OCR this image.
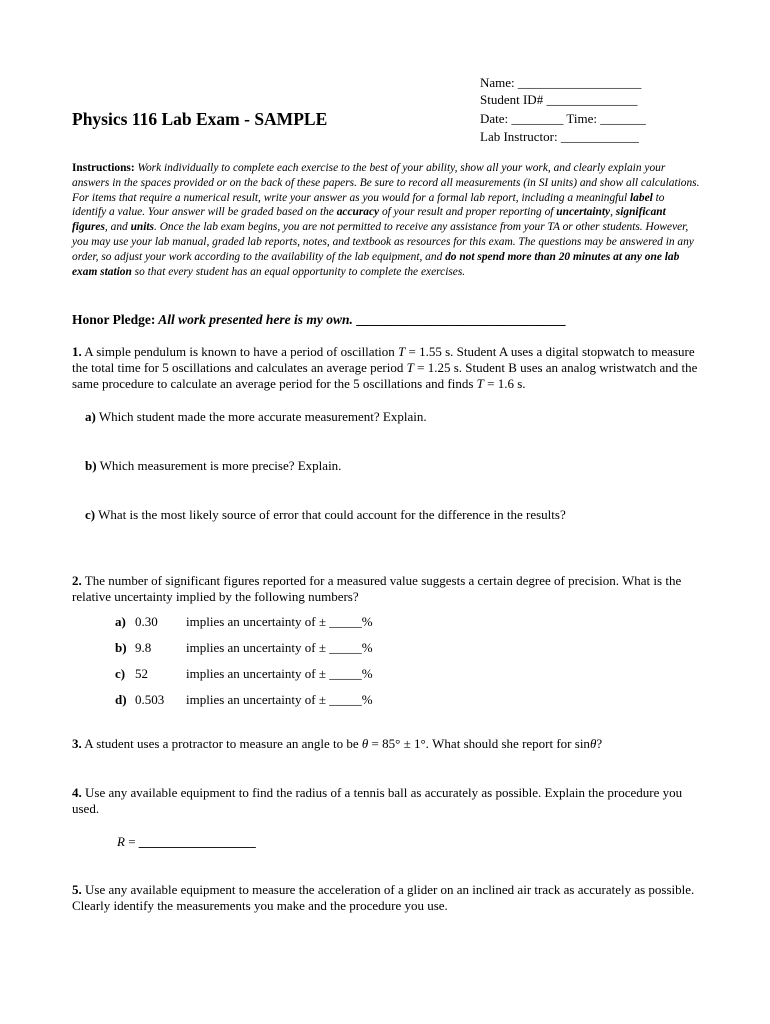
Name: ___________________
Student ID# ______________
Physics 116 Lab Exam - SAMPLE	Date: ________ Time: _______
Lab Instructor: ____________
Instructions: Work individually to complete each exercise to the best of your ability, show all your work, and clearly explain your answers in the spaces provided or on the back of these papers. Be sure to record all measurements (in SI units) and show all calculations. For items that require a numerical result, write your answer as you would for a formal lab report, including a meaningful label to identify a value. Your answer will be graded based on the accuracy of your result and proper reporting of uncertainty, significant figures, and units. Once the lab exam begins, you are not permitted to receive any assistance from your TA or other students. However, you may use your lab manual, graded lab reports, notes, and textbook as resources for this exam. The questions may be answered in any order, so adjust your work according to the availability of the lab equipment, and do not spend more than 20 minutes at any one lab exam station so that every student has an equal opportunity to complete the exercises.
Honor Pledge: All work presented here is my own. _______________________________
1. A simple pendulum is known to have a period of oscillation T = 1.55 s. Student A uses a digital stopwatch to measure the total time for 5 oscillations and calculates an average period T = 1.25 s. Student B uses an analog wristwatch and the same procedure to calculate an average period for the 5 oscillations and finds T = 1.6 s.
a) Which student made the more accurate measurement? Explain.
b) Which measurement is more precise? Explain.
c) What is the most likely source of error that could account for the difference in the results?
2. The number of significant figures reported for a measured value suggests a certain degree of precision. What is the relative uncertainty implied by the following numbers?
a) 0.30 implies an uncertainty of ± _____%
b) 9.8	implies an uncertainty of ± _____%
c) 52	implies an uncertainty of ± _____%
d) 0.503 implies an uncertainty of ± _____%
3. A student uses a protractor to measure an angle to be θ = 85° ± 1°. What should she report for sinθ?
4. Use any available equipment to find the radius of a tennis ball as accurately as possible. Explain the procedure you used.
R = __________________
5. Use any available equipment to measure the acceleration of a glider on an inclined air track as accurately as possible. Clearly identify the measurements you make and the procedure you use.
